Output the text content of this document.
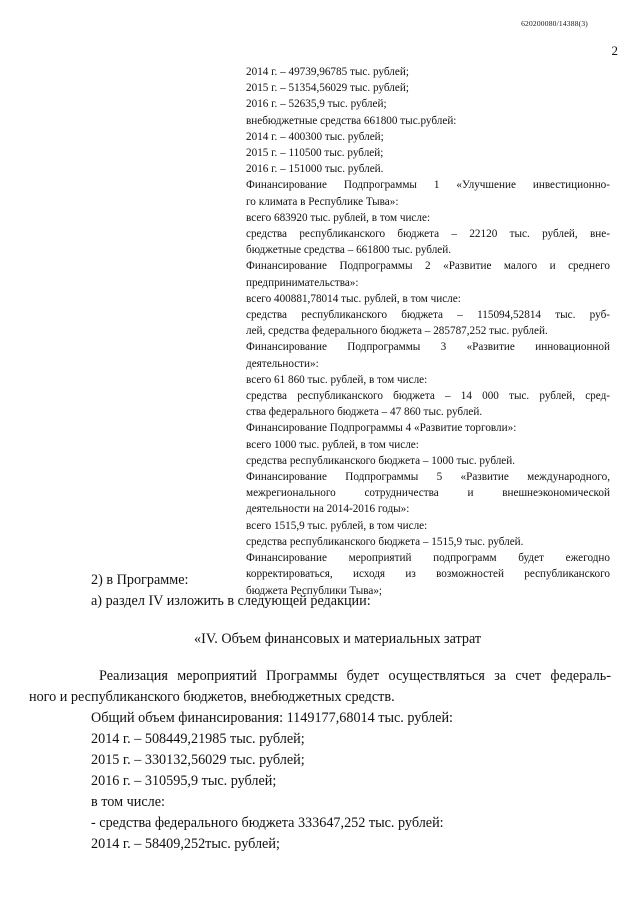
620200080/14388(3)
2
2014 г. – 49739,96785 тыс. рублей;
2015 г. – 51354,56029 тыс. рублей;
2016 г. – 52635,9 тыс. рублей;
внебюджетные средства 661800 тыс.рублей:
2014 г. – 400300 тыс. рублей;
2015 г. – 110500 тыс. рублей;
2016 г. – 151000 тыс. рублей.
Финансирование Подпрограммы 1 «Улучшение инвестиционно-
го климата в Республике Тыва»:
всего 683920 тыс. рублей, в том числе:
средства республиканского бюджета – 22120 тыс. рублей, вне-
бюджетные средства – 661800 тыс. рублей.
Финансирование Подпрограммы 2 «Развитие малого и среднего
предпринимательства»:
всего 400881,78014 тыс. рублей, в том числе:
средства республиканского бюджета – 115094,52814 тыс. руб-
лей, средства федерального бюджета – 285787,252 тыс. рублей.
Финансирование Подпрограммы 3 «Развитие инновационной
деятельности»:
всего 61 860 тыс. рублей, в том числе:
средства республиканского бюджета – 14 000 тыс. рублей, сред-
ства федерального бюджета – 47 860 тыс. рублей.
Финансирование Подпрограммы 4 «Развитие торговли»:
всего 1000 тыс. рублей, в том числе:
средства республиканского бюджета – 1000 тыс. рублей.
Финансирование Подпрограммы 5 «Развитие международного,
межрегионального сотрудничества и внешнеэкономической
деятельности на 2014-2016 годы»:
всего 1515,9 тыс. рублей, в том числе:
средства республиканского бюджета – 1515,9 тыс. рублей.
Финансирование мероприятий подпрограмм будет ежегодно
корректироваться, исходя из возможностей республиканского
бюджета Республики Тыва»;
2) в Программе:
а) раздел IV изложить в следующей редакции:
«IV. Объем финансовых и материальных затрат
Реализация мероприятий Программы будет осуществляться за счет федераль-
ного и республиканского бюджетов, внебюджетных средств.
Общий объем финансирования: 1149177,68014 тыс. рублей:
2014 г. – 508449,21985 тыс. рублей;
2015 г. – 330132,56029 тыс. рублей;
2016 г. – 310595,9 тыс. рублей;
в том числе:
- средства федерального бюджета 333647,252 тыс. рублей:
2014 г. – 58409,252тыс. рублей;
